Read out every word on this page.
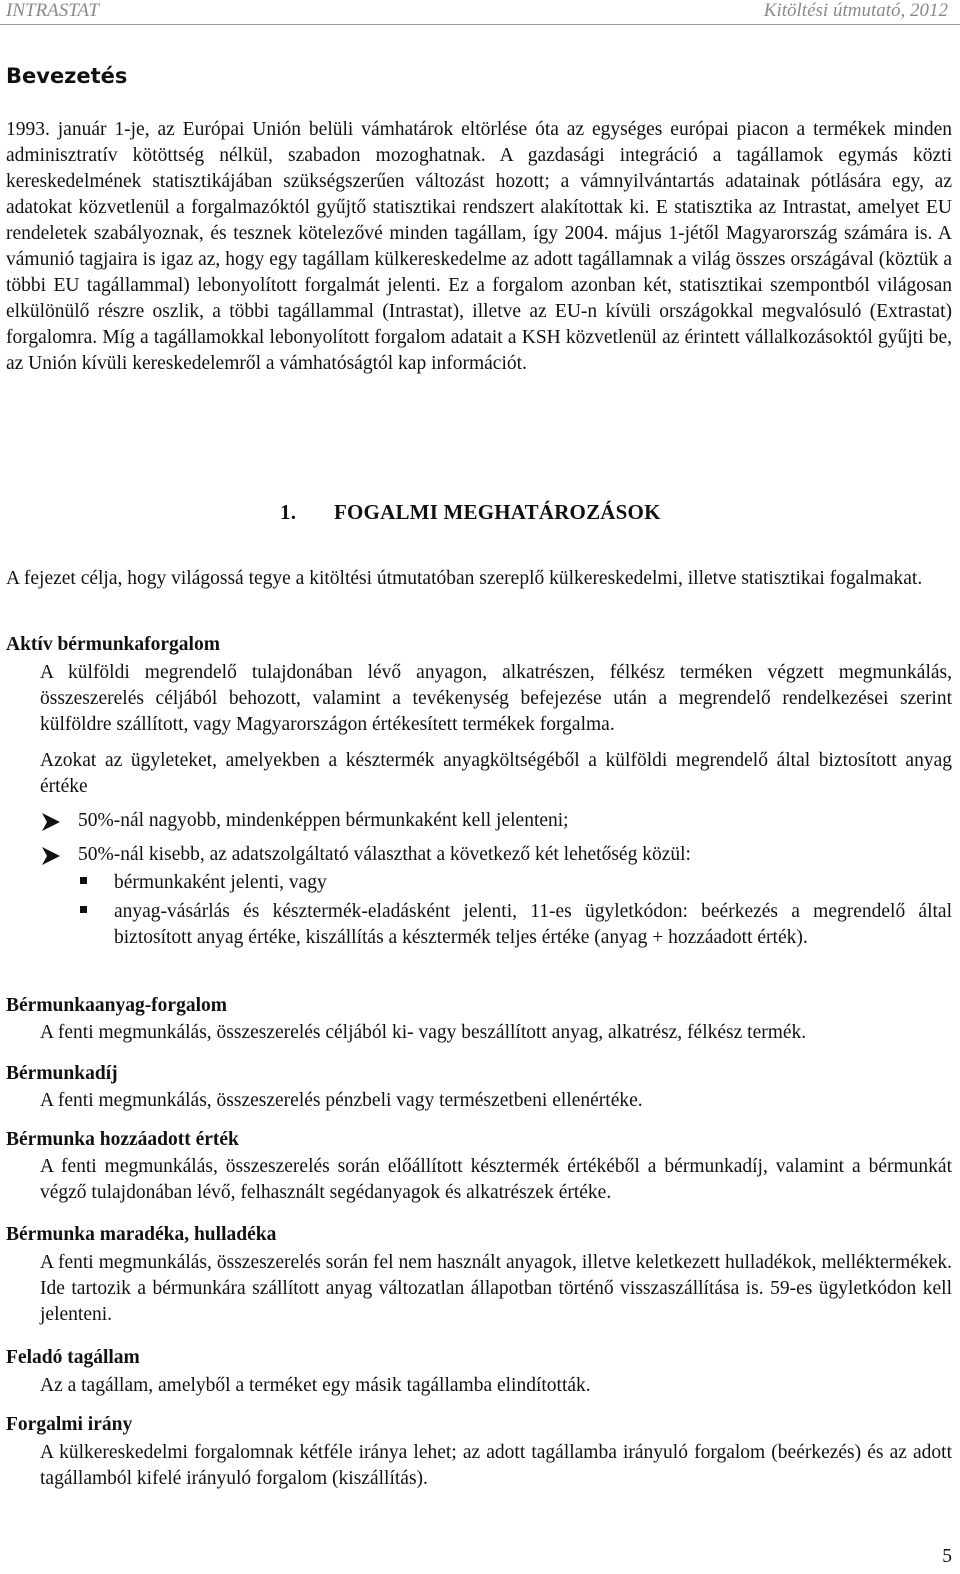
INTRASTAT	Kitöltési útmutató, 2012
Bevezetés

1993. január 1-je, az Európai Unión belüli vámhatárok eltörlése óta az egységes európai piacon a termékek minden adminisztratív kötöttség nélkül, szabadon mozoghatnak. A gazdasági integráció a tagállamok egymás közti kereskedelmének statisztikájában szükségszerűen változást hozott; a vámnyilvántartás adatainak pótlására egy, az adatokat közvetlenül a forgalmazóktól gyűjtő statisztikai rendszert alakítottak ki. E statisztika az Intrastat, amelyet EU rendeletek szabályoznak, és tesznek kötelezővé minden tagállam, így 2004. május 1-jétől Magyarország számára is. A vámunió tagjaira is igaz az, hogy egy tagállam külkereskedelme az adott tagállamnak a világ összes országával (köztük a többi EU tagállammal) lebonyolított forgalmát jelenti. Ez a forgalom azonban két, statisztikai szempontból világosan elkülönülő részre oszlik, a többi tagállammal (Intrastat), illetve az EU-n kívüli országokkal megvalósuló (Extrastat) forgalomra. Míg a tagállamokkal lebonyolított forgalom adatait a KSH közvetlenül az érintett vállalkozásoktól gyűjti be, az Unión kívüli kereskedelemről a vámhatóságtól kap információt.

1. FOGALMI MEGHATÁROZÁSOK

A fejezet célja, hogy világossá tegye a kitöltési útmutatóban szereplő külkereskedelmi, illetve statisztikai fogalmakat.

Aktív bérmunkaforgalom

A külföldi megrendelő tulajdonában lévő anyagon, alkatrészen, félkész terméken végzett megmunkálás, összeszerelés céljából behozott, valamint a tevékenység befejezése után a megrendelő rendelkezései szerint külföldre szállított, vagy Magyarországon értékesített termékek forgalma.

Azokat az ügyleteket, amelyekben a késztermék anyagköltségéből a külföldi megrendelő által biztosított anyag értéke

50%-nál nagyobb, mindenképpen bérmunkaként kell jelenteni;

50%-nál kisebb, az adatszolgáltató választhat a következő két lehetőség közül:

bérmunkaként jelenti, vagy

anyag-vásárlás és késztermék-eladásként jelenti, 11-es ügyletkódon: beérkezés a megrendelő által biztosított anyag értéke, kiszállítás a késztermék teljes értéke (anyag + hozzáadott érték).

Bérmunkaanyag-forgalom

A fenti megmunkálás, összeszerelés céljából ki- vagy beszállított anyag, alkatrész, félkész termék.

Bérmunkadíj

A fenti megmunkálás, összeszerelés pénzbeli vagy természetbeni ellenértéke.

Bérmunka hozzáadott érték

A fenti megmunkálás, összeszerelés során előállított késztermék értékéből a bérmunkadíj, valamint a bérmunkát végző tulajdonában lévő, felhasznált segédanyagok és alkatrészek értéke.

Bérmunka maradéka, hulladéka

A fenti megmunkálás, összeszerelés során fel nem használt anyagok, illetve keletkezett hulladékok, melléktermékek. Ide tartozik a bérmunkára szállított anyag változatlan állapotban történő visszaszállítása is. 59-es ügyletkódon kell jelenteni.

Feladó tagállam

Az a tagállam, amelyből a terméket egy másik tagállamba elindították.

Forgalmi irány

A külkereskedelmi forgalomnak kétféle iránya lehet; az adott tagállamba irányuló forgalom (beérkezés) és az adott tagállamból kifelé irányuló forgalom (kiszállítás).

5
